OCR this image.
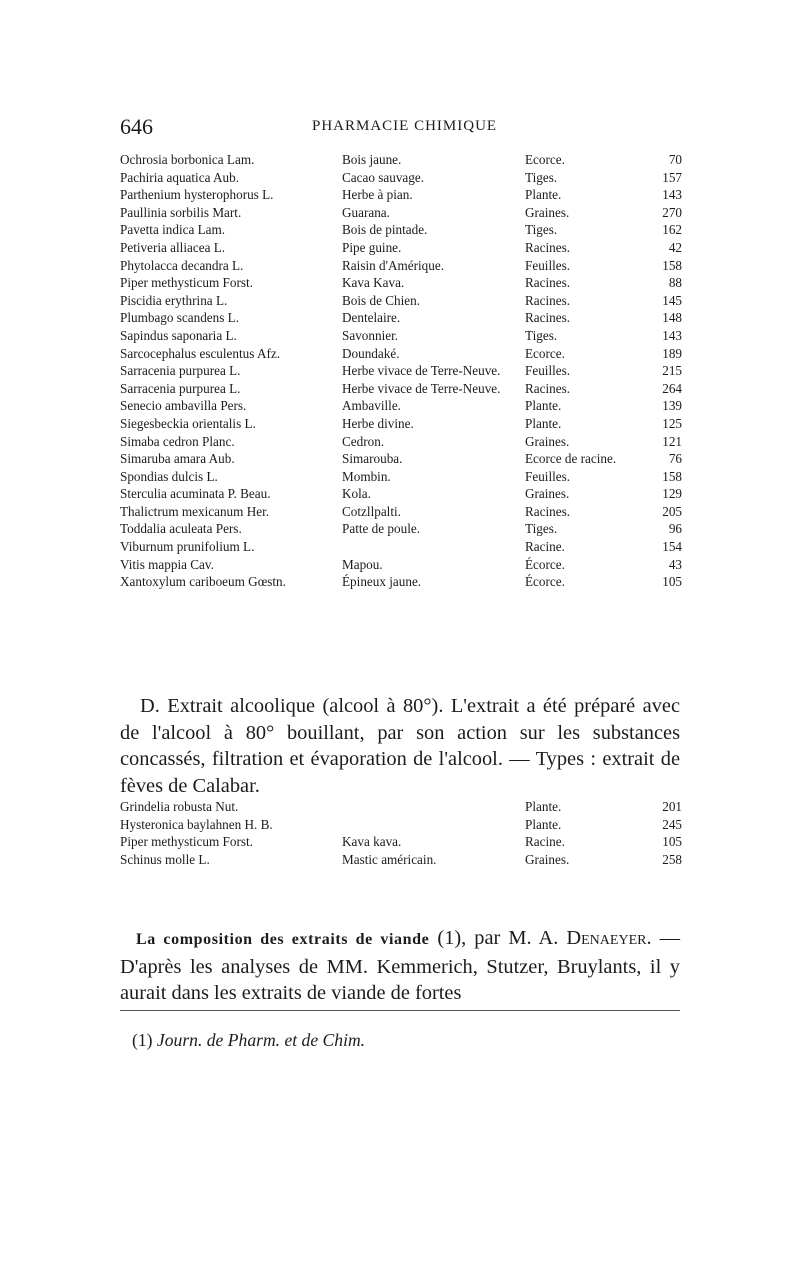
646	PHARMACIE CHIMIQUE
Ochrosia borbonica Lam.	Bois jaune.	Ecorce.	70
Pachiria aquatica Aub.	Cacao sauvage.	Tiges.	157
Parthenium hysterophorus L.	Herbe à pian.	Plante.	143
Paullinia sorbilis Mart.	Guarana.	Graines.	270
Pavetta indica Lam.	Bois de pintade.	Tiges.	162
Petiveria alliacea L.	Pipe guine.	Racines.	42
Phytolacca decandra L.	Raisin d'Amérique.	Feuilles.	158
Piper methysticum Forst.	Kava Kava.	Racines.	88
Piscidia erythrina L.	Bois de Chien.	Racines.	145
Plumbago scandens L.	Dentelaire.	Racines.	148
Sapindus saponaria L.	Savonnier.	Tiges.	143
Sarcocephalus esculentus Afz.	Doundaké.	Ecorce.	189
Sarracenia purpurea L.	Herbe vivace de Terre-Neuve.	Feuilles.	215
Sarracenia purpurea L.	Herbe vivace de Terre-Neuve.	Racines.	264
Senecio ambavilla Pers.	Ambaville.	Plante.	139
Siegesbeckia orientalis L.	Herbe divine.	Plante.	125
Simaba cedron Planc.	Cedron.	Graines.	121
Simaruba amara Aub.	Simarouba.	Ecorce de racine.	76
Spondias dulcis L.	Mombin.	Feuilles.	158
Sterculia acuminata P. Beau.	Kola.	Graines.	129
Thalictrum mexicanum Her.	Cotzllpalti.	Racines.	205
Toddalia aculeata Pers.	Patte de poule.	Tiges.	96
Viburnum prunifolium L.		Racine.	154
Vitis mappia Cav.	Mapou.	Écorce.	43
Xantoxylum cariboeum Gœstn.	Épineux jaune.	Écorce.	105

D. Extrait alcoolique (alcool à 80°). L'extrait a été préparé avec de l'alcool à 80° bouillant, par son action sur les substances concassés, filtration et évaporation de l'alcool. — Types : extrait de fèves de Calabar.

Grindelia robusta Nut.		Plante.	201
Hysteronica baylahnen H. B.		Plante.	245
Piper methysticum Forst.	Kava kava.	Racine.	105
Schinus molle L.	Mastic américain.	Graines.	258

La composition des extraits de viande (1), par M. A. Denaeyer. — D'après les analyses de MM. Kemmerich, Stutzer, Bruylants, il y aurait dans les extraits de viande de fortes

(1) Journ. de Pharm. et de Chim.
